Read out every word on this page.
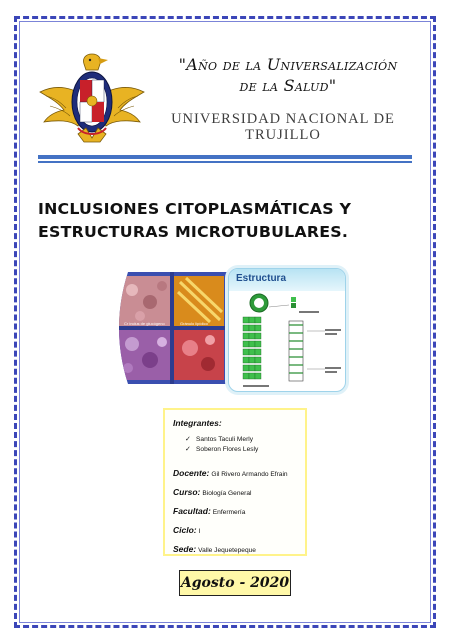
"Año de la Universalización de la Salud"
UNIVERSIDAD NACIONAL DE TRUJILLO
INCLUSIONES CITOPLASMÁTICAS Y ESTRUCTURAS MICROTUBULARES.
Cr inclus de glucógeno	Gránulo lipídico
Estructura
Integrantes:
✓ Santos Taculi Merly
✓ Soberon Flores Lesly
Docente: Gil Rivero Armando Efrain
Curso: Biología General
Facultad: Enfermería
Ciclo: I
Sede: Valle Jequetepeque
Agosto - 2020
